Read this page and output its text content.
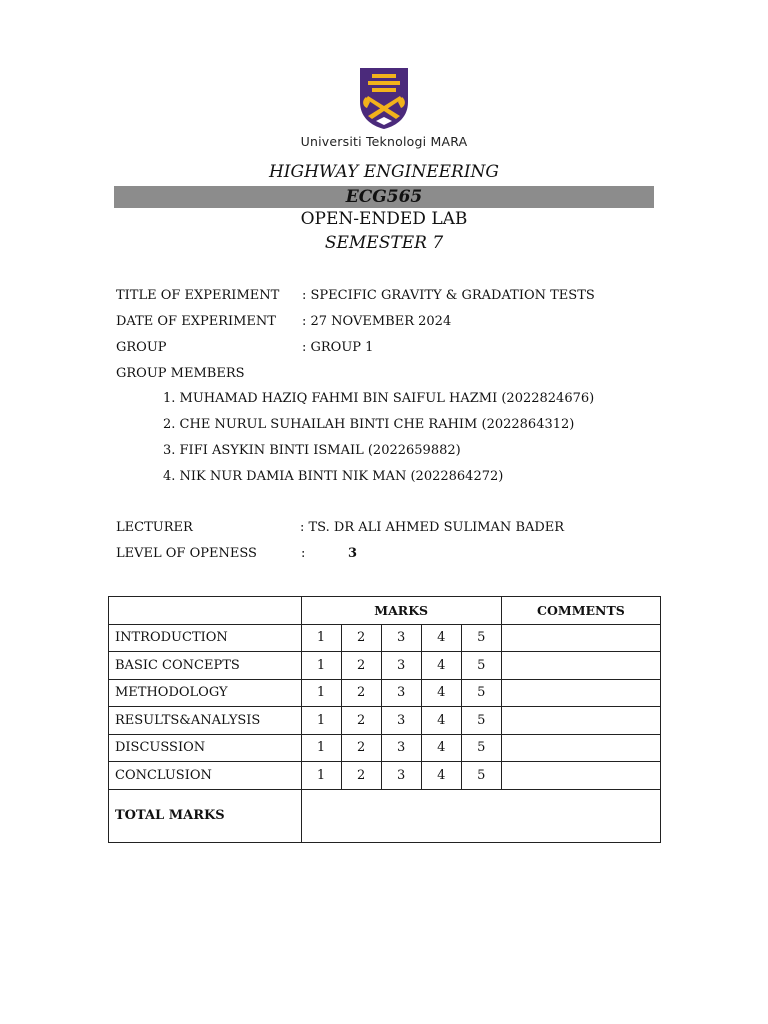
Universiti Teknologi MARA
HIGHWAY ENGINEERING
ECG565
OPEN-ENDED LAB
SEMESTER 7
TITLE OF EXPERIMENT : SPECIFIC GRAVITY & GRADATION TESTS
DATE OF EXPERIMENT : 27 NOVEMBER 2024
GROUP	: GROUP 1
GROUP MEMBERS
1. MUHAMAD HAZIQ FAHMI BIN SAIFUL HAZMI (2022824676)
2. CHE NURUL SUHAILAH BINTI CHE RAHIM (2022864312)
3. FIFI ASYKIN BINTI ISMAIL (2022659882)
4. NIK NUR DAMIA BINTI NIK MAN (2022864272)
LECTURER	: TS. DR ALI AHMED SULIMAN BADER
LEVEL OF OPENESS	:	3
	MARKS					COMMENTS
INTRODUCTION	1	2	3	4	5	
BASIC CONCEPTS	1	2	3	4	5	
METHODOLOGY	1	2	3	4	5	
RESULTS&ANALYSIS	1	2	3	4	5	
DISCUSSION	1	2	3	4	5	
CONCLUSION	1	2	3	4	5	
TOTAL MARKS						
